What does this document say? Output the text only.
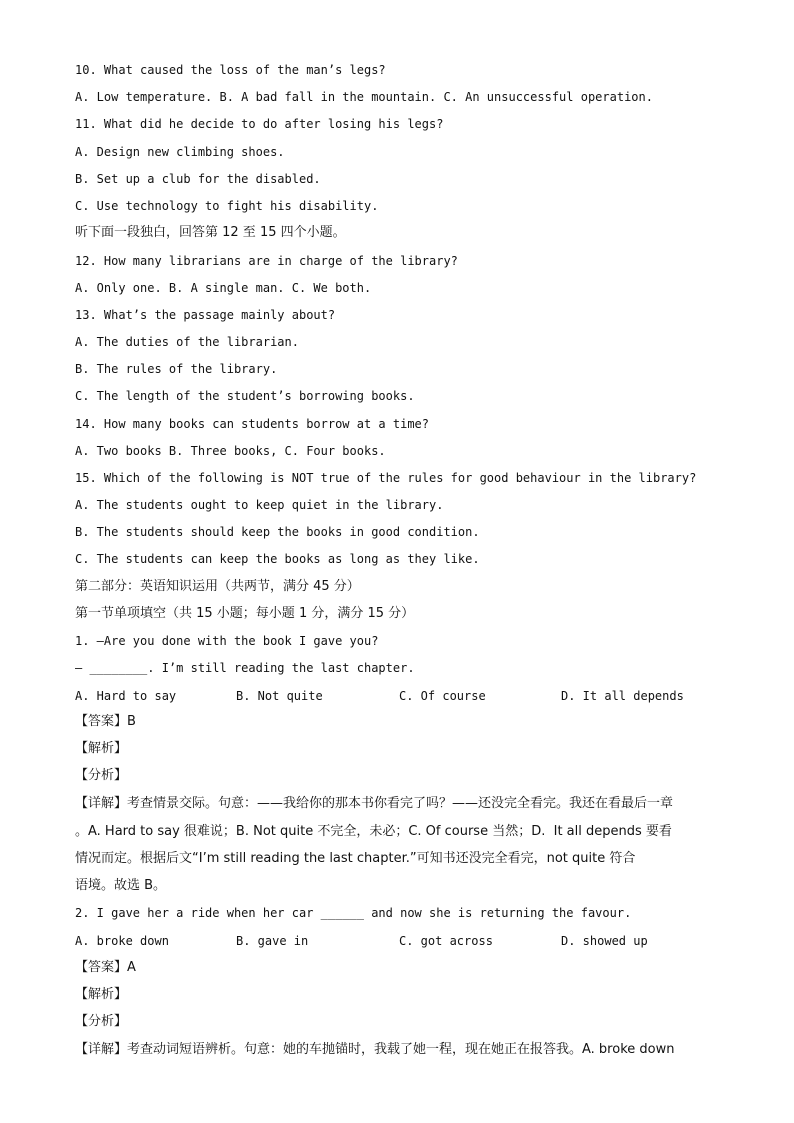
10. What caused the loss of the man’s legs?
A. Low temperature. B. A bad fall in the mountain. C. An unsuccessful operation.
11. What did he decide to do after losing his legs?
A. Design new climbing shoes.
B. Set up a club for the disabled.
C. Use technology to fight his disability.
听下面一段独白，回答第 12 至 15 四个小题。
12. How many librarians are in charge of the library?
A. Only one. B. A single man. C. We both.
13. What’s the passage mainly about?
A. The duties of the librarian.
B. The rules of the library.
C. The length of the student’s borrowing books.
14. How many books can students borrow at a time?
A. Two books B. Three books, C. Four books.
15. Which of the following is NOT true of the rules for good behaviour in the library?
A. The students ought to keep quiet in the library.
B. The students should keep the books in good condition.
C. The students can keep the books as long as they like.
第二部分：英语知识运用（共两节，满分 45 分）
第一节单项填空（共 15 小题；每小题 1 分，满分 15 分）
1. —Are you done with the book I gave you?
— ________. I’m still reading the last chapter.
A. Hard to say	B. Not quite	C. Of course	D. It all depends
【答案】B
【解析】
【分析】
【详解】考查情景交际。句意：——我给你的那本书你看完了吗？——还没完全看完。我还在看最后一章
。A. Hard to say 很难说；B. Not quite 不完全，未必；C. Of course 当然；D.  It all depends 要看
情况而定。根据后文“I’m still reading the last chapter.”可知书还没完全看完，not quite 符合
语境。故选 B。
2. I gave her a ride when her car ______ and now she is returning the favour.
A. broke down	B. gave in	C. got across	D. showed up
【答案】A
【解析】
【分析】
【详解】考查动词短语辨析。句意：她的车抛锚时，我载了她一程，现在她正在报答我。A. broke down
